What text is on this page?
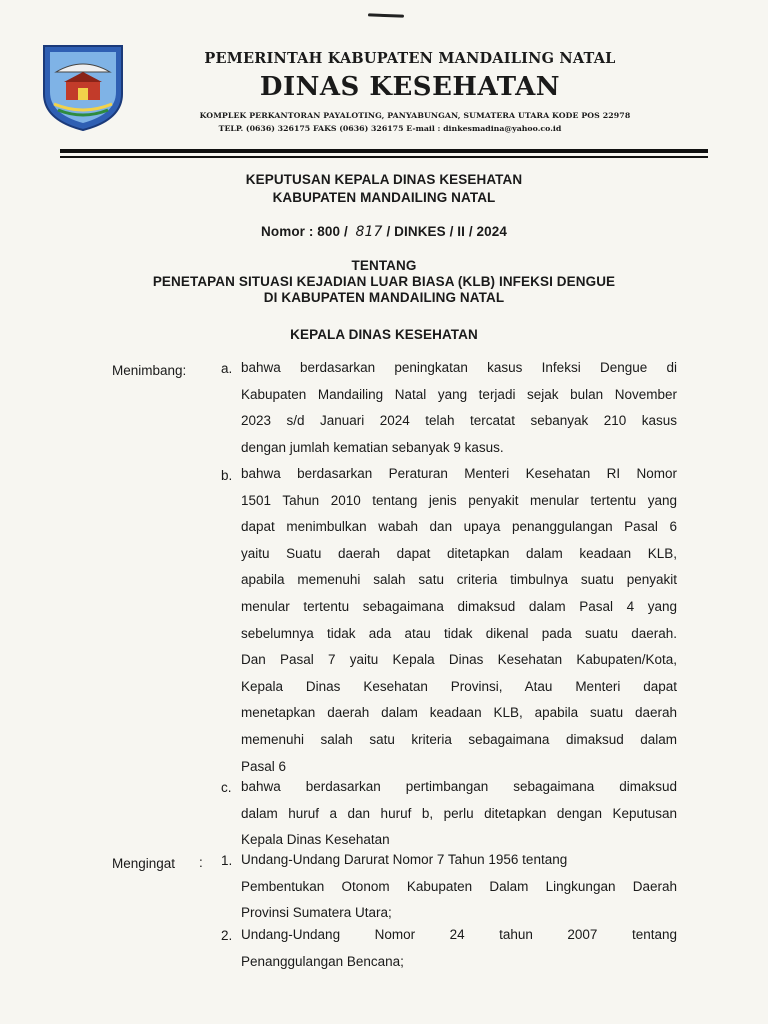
PEMERINTAH KABUPATEN MANDAILING NATAL
DINAS KESEHATAN
KOMPLEK PERKANTORAN PAYALOTING, PANYABUNGAN, SUMATERA UTARA KODE POS 22978
TELP. (0636) 326175 FAKS (0636) 326175 E-mail : dinkesmadina@yahoo.co.id
KEPUTUSAN KEPALA DINAS KESEHATAN
KABUPATEN MANDAILING NATAL
Nomor : 800 / 817 / DINKES / II / 2024
TENTANG
PENETAPAN SITUASI KEJADIAN LUAR BIASA (KLB) INFEKSI DENGUE
DI KABUPATEN MANDAILING NATAL
KEPALA DINAS KESEHATAN
Menimbang:	a. bahwa berdasarkan peningkatan kasus Infeksi Dengue di
Kabupaten Mandailing Natal yang terjadi sejak bulan November
2023 s/d Januari 2024 telah tercatat sebanyak 210 kasus
dengan jumlah kematian sebanyak 9 kasus.
b. bahwa berdasarkan Peraturan Menteri Kesehatan RI Nomor
1501 Tahun 2010 tentang jenis penyakit menular tertentu yang
dapat menimbulkan wabah dan upaya penanggulangan Pasal 6
yaitu Suatu daerah dapat ditetapkan dalam keadaan KLB,
apabila memenuhi salah satu criteria timbulnya suatu penyakit
menular tertentu sebagaimana dimaksud dalam Pasal 4 yang
sebelumnya tidak ada atau tidak dikenal pada suatu daerah.
Dan Pasal 7 yaitu Kepala Dinas Kesehatan Kabupaten/Kota,
Kepala Dinas Kesehatan Provinsi, Atau Menteri dapat
menetapkan daerah dalam keadaan KLB, apabila suatu daerah
memenuhi salah satu kriteria sebagaimana dimaksud dalam
Pasal 6
c. bahwa berdasarkan pertimbangan sebagaimana dimaksud
dalam huruf a dan huruf b, perlu ditetapkan dengan Keputusan
Kepala Dinas Kesehatan
Mengingat : 1. Undang-Undang Darurat Nomor 7 Tahun 1956 tentang
Pembentukan Otonom Kabupaten Dalam Lingkungan Daerah
Provinsi Sumatera Utara;
2. Undang-Undang Nomor 24 tahun 2007 tentang
Penanggulangan Bencana;
